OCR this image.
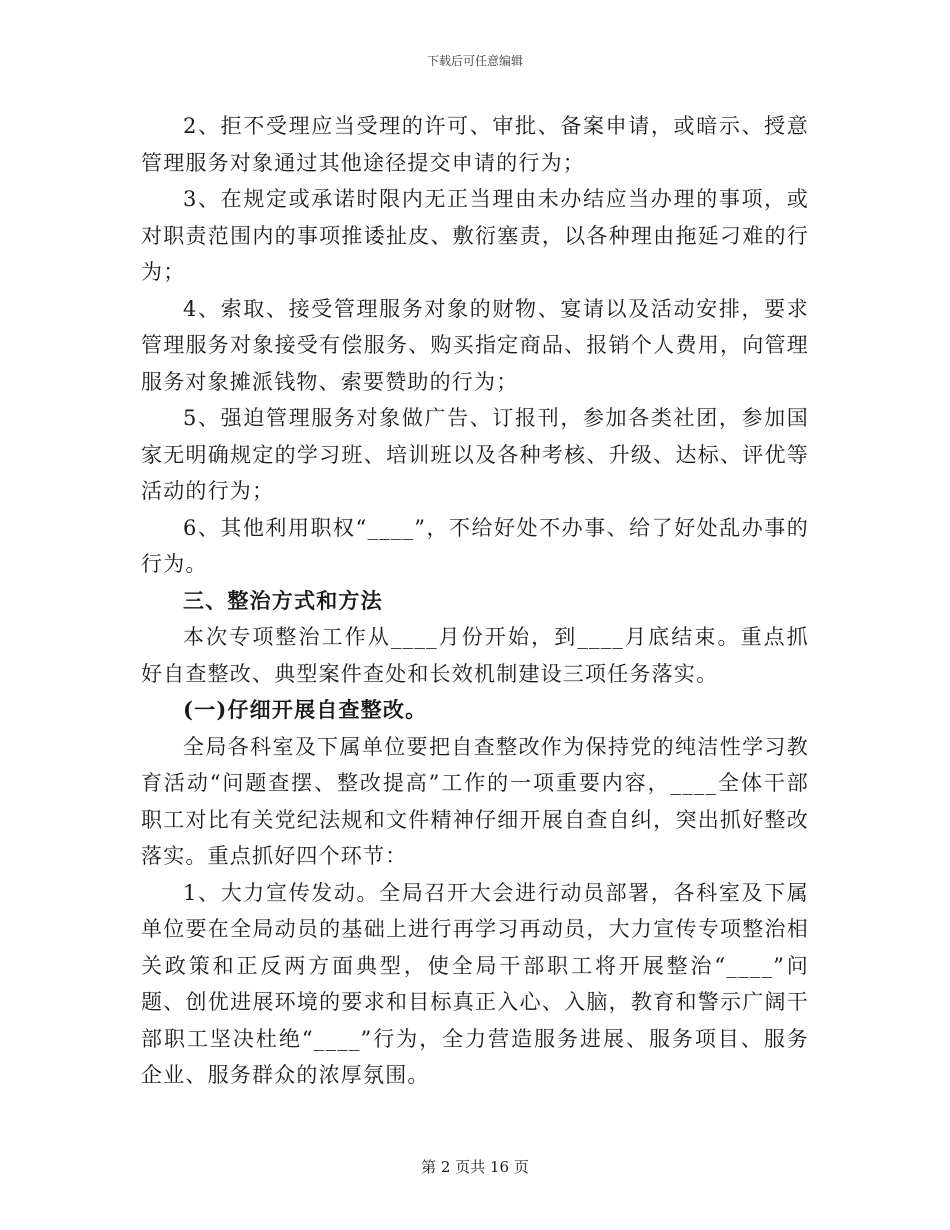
下载后可任意编辑

2、拒不受理应当受理的许可、审批、备案申请，或暗示、授意管理服务对象通过其他途径提交申请的行为；

3、在规定或承诺时限内无正当理由未办结应当办理的事项，或对职责范围内的事项推诿扯皮、敷衍塞责，以各种理由拖延刁难的行为；

4、索取、接受管理服务对象的财物、宴请以及活动安排，要求管理服务对象接受有偿服务、购买指定商品、报销个人费用，向管理服务对象摊派钱物、索要赞助的行为；

5、强迫管理服务对象做广告、订报刊，参加各类社团，参加国家无明确规定的学习班、培训班以及各种考核、升级、达标、评优等活动的行为；

6、其他利用职权“____”，不给好处不办事、给了好处乱办事的行为。

三、整治方式和方法

本次专项整治工作从____月份开始，到____月底结束。重点抓好自查整改、典型案件查处和长效机制建设三项任务落实。

(一)仔细开展自查整改。

全局各科室及下属单位要把自查整改作为保持党的纯洁性学习教育活动“问题查摆、整改提高”工作的一项重要内容，____全体干部职工对比有关党纪法规和文件精神仔细开展自查自纠，突出抓好整改落实。重点抓好四个环节：

1、大力宣传发动。全局召开大会进行动员部署，各科室及下属单位要在全局动员的基础上进行再学习再动员，大力宣传专项整治相关政策和正反两方面典型，使全局干部职工将开展整治“____”问题、创优进展环境的要求和目标真正入心、入脑，教育和警示广阔干部职工坚决杜绝“____”行为，全力营造服务进展、服务项目、服务企业、服务群众的浓厚氛围。

第 2 页共 16 页
